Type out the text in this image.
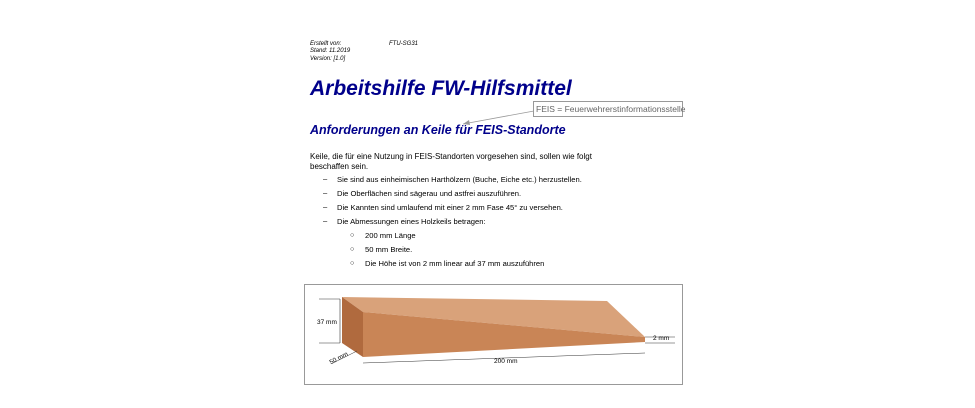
Erstellt von:	FTU-SG31
Stand: 11.2019
Version: [1.0]
Arbeitshilfe FW-Hilfsmittel
FEIS = Feuerwehrerstinformationsstelle
Anforderungen an Keile für FEIS-Standorte
Keile, die für eine Nutzung in FEIS-Standorten vorgesehen sind, sollen wie folgt beschaffen sein.
– Sie sind aus einheimischen Harthölzern (Buche, Eiche etc.) herzustellen.
– Die Oberflächen sind sägerau und astfrei auszuführen.
– Die Kannten sind umlaufend mit einer 2 mm Fase 45° zu versehen.
– Die Abmessungen eines Holzkeils betragen:
○ 200 mm Länge
○ 50 mm Breite.
○ Die Höhe ist von 2 mm linear auf 37 mm auszuführen
37 mm
50 mm	200 mm
2 mm
